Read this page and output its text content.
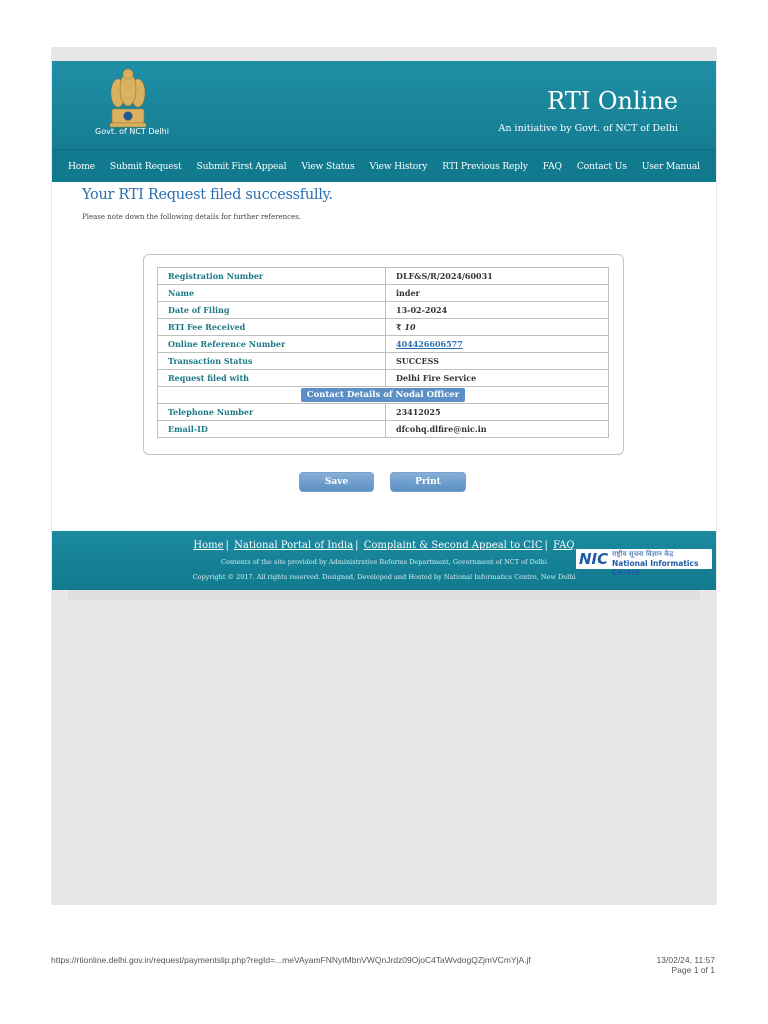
Govt. of NCT Delhi
RTI Online
An initiative by Govt. of NCT of Delhi
Home Submit Request Submit First Appeal View Status View History RTI Previous Reply FAQ Contact Us User Manual
Your RTI Request filed successfully.
Please note down the following details for further references.
Registration Number	DLF&S/R/2024/60031
Name	inder
Date of Filing	13-02-2024
RTI Fee Received	₹ 10
Online Reference Number	404426606577
Transaction Status	SUCCESS
Request filed with	Delhi Fire Service
Contact Details of Nodal Officer	
Telephone Number	23412025
Email-ID	dfcohq.dlfire@nic.in
Save	Print
Home | National Portal of India | Complaint & Second Appeal to CIC | FAQ
Contents of the site provided by Administrative Reforms Department, Government of NCT of Delhi
Copyright © 2017. All rights reserved. Designed, Developed and Hosted by National Informatics Centre, New Delhi
NIC राष्ट्रीय सूचना विज्ञान केंद्र
National Informatics Centre
https://rtionline.delhi.gov.in/request/paymentslip.php?regId=...meVAyamFNNytMbnVWQnJrdz09OjoC4TaWvdogQZjmVCmYjA.jf	13/02/24, 11:57
Page 1 of 1
